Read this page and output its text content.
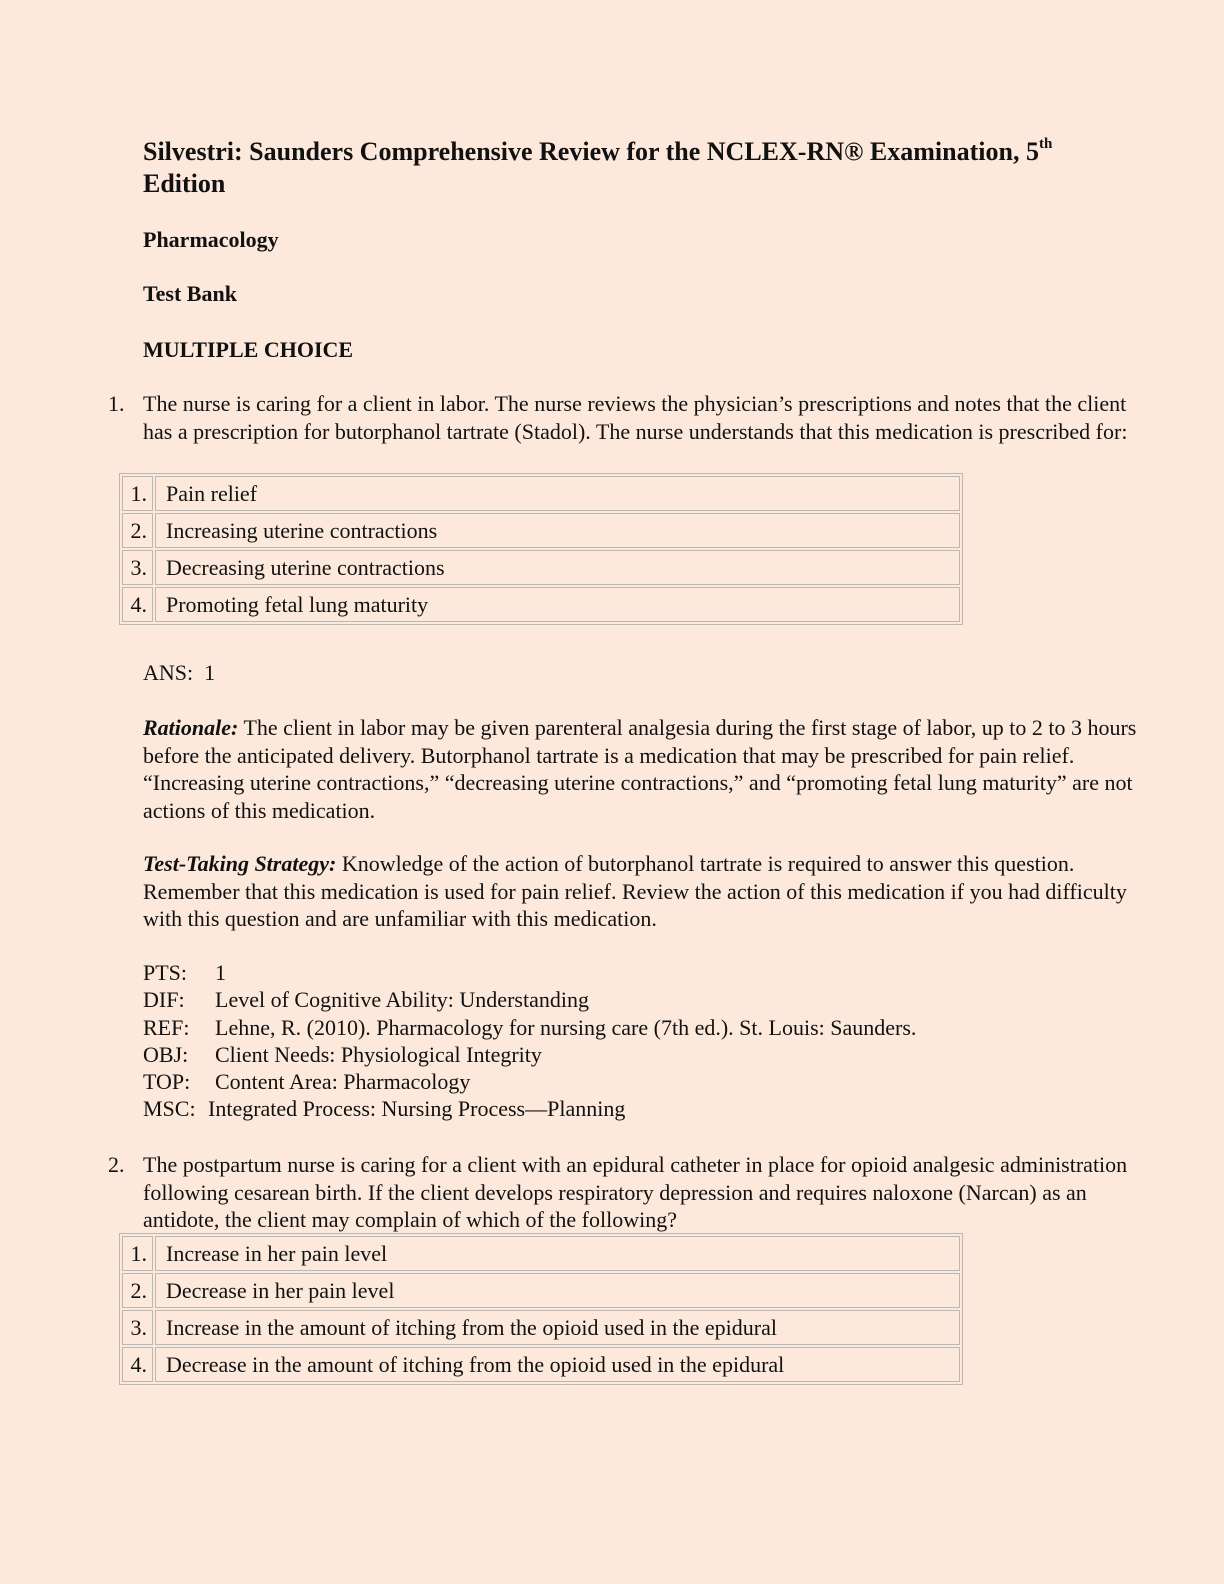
Silvestri: Saunders Comprehensive Review for the NCLEX-RN® Examination, 5th
Edition
Pharmacology
Test Bank
MULTIPLE CHOICE
1. The nurse is caring for a client in labor. The nurse reviews the physician’s prescriptions and notes that the client has a prescription for butorphanol tartrate (Stadol). The nurse understands that this medication is prescribed for:
1.	Pain relief
2.	Increasing uterine contractions
3.	Decreasing uterine contractions
4.	Promoting fetal lung maturity
ANS: 1
Rationale: The client in labor may be given parenteral analgesia during the first stage of labor, up to 2 to 3 hours before the anticipated delivery. Butorphanol tartrate is a medication that may be prescribed for pain relief. “Increasing uterine contractions,” “decreasing uterine contractions,” and “promoting fetal lung maturity” are not actions of this medication.
Test-Taking Strategy: Knowledge of the action of butorphanol tartrate is required to answer this question. Remember that this medication is used for pain relief. Review the action of this medication if you had difficulty with this question and are unfamiliar with this medication.
PTS: 1
DIF: Level of Cognitive Ability: Understanding
REF: Lehne, R. (2010). Pharmacology for nursing care (7th ed.). St. Louis: Saunders.
OBJ: Client Needs: Physiological Integrity
TOP: Content Area: Pharmacology
MSC: Integrated Process: Nursing Process—Planning
2. The postpartum nurse is caring for a client with an epidural catheter in place for opioid analgesic administration following cesarean birth. If the client develops respiratory depression and requires naloxone (Narcan) as an antidote, the client may complain of which of the following?
1.	Increase in her pain level
2.	Decrease in her pain level
3.	Increase in the amount of itching from the opioid used in the epidural
4.	Decrease in the amount of itching from the opioid used in the epidural
